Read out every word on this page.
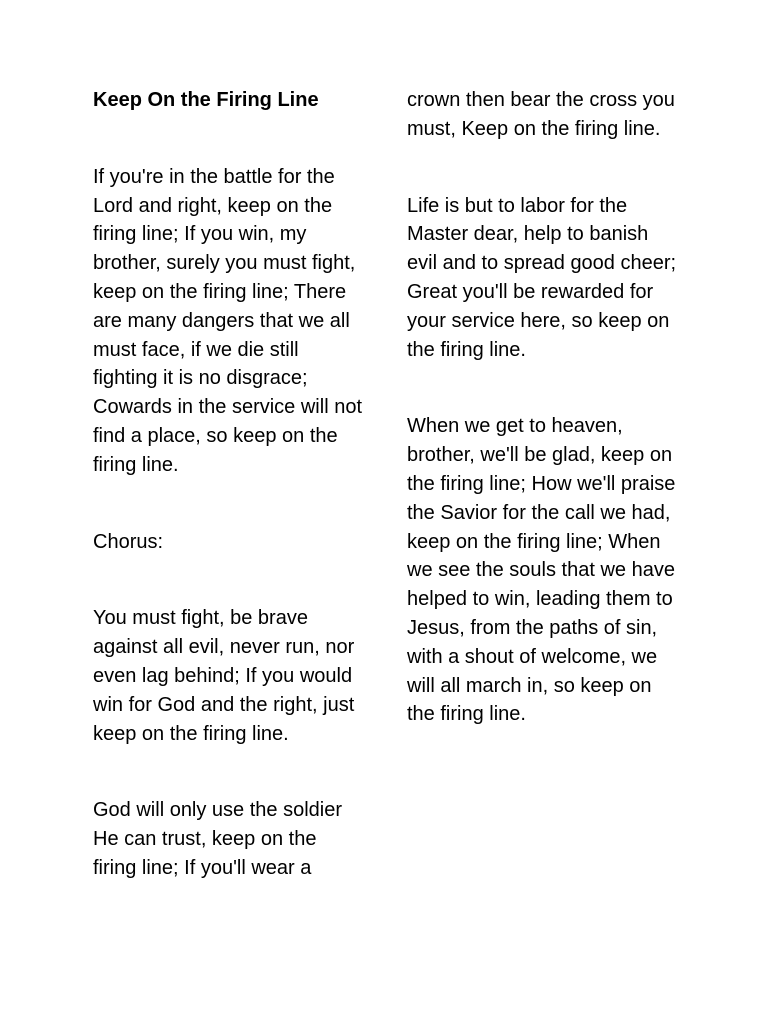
Keep On the Firing Line

If you're in the battle for the Lord and right, keep on the firing line; If you win, my brother, surely you must fight, keep on the firing line; There are many dangers that we all must face, if we die still fighting it is no disgrace; Cowards in the service will not find a place, so keep on the firing line.

Chorus:

You must fight, be brave against all evil, never run, nor even lag behind; If you would win for God and the right, just keep on the firing line.

God will only use the soldier He can trust, keep on the firing line; If you'll wear a

crown then bear the cross you must, Keep on the firing line.

Life is but to labor for the Master dear, help to banish evil and to spread good cheer; Great you'll be rewarded for your service here, so keep on the firing line.

When we get to heaven, brother, we'll be glad, keep on the firing line; How we'll praise the Savior for the call we had, keep on the firing line; When we see the souls that we have helped to win, leading them to Jesus, from the paths of sin, with a shout of welcome, we will all march in, so keep on the firing line.
